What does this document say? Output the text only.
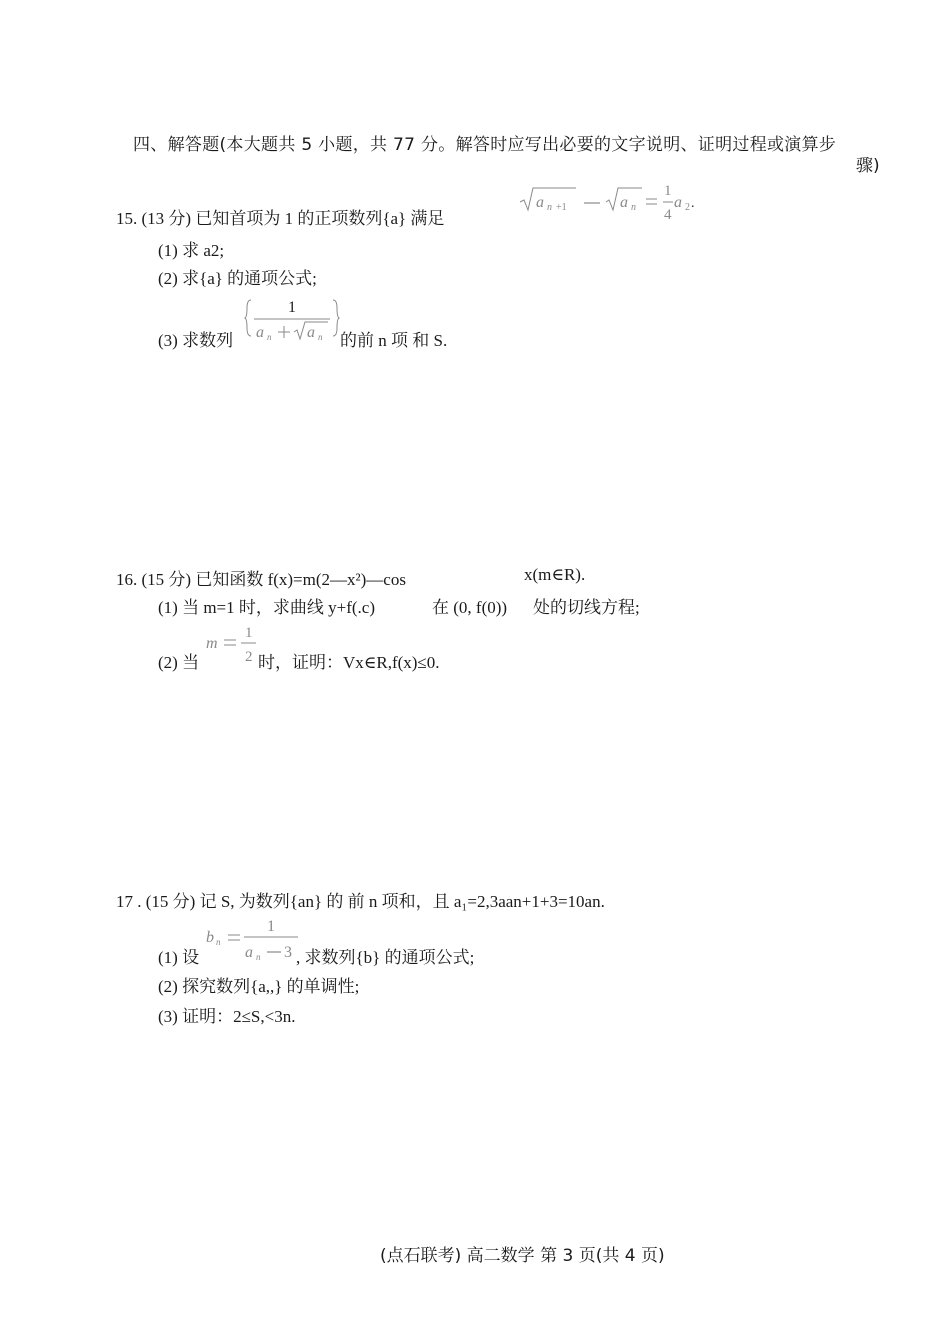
四、解答题(本大题共 5 小题，共 77 分。解答时应写出必要的文字说明、证明过程或演算步
骤)
15. (13 分) 已知首项为 1 的正项数列{a} 满足
a n +1	a n a 2 .
1
4
(1) 求 a2;
(2) 求{a} 的通项公式;
(3) 求数列 a n a n
1
的前 n 项 和 S.
16. (15 分) 已知函数 f(x)=m(2—x²)—cos	x(m∈R).
(1) 当 m=1 时，求曲线 y+f(.c)	在 (0, f(0)) 处的切线方程;
(2) 当
m
1
2 时，证明：Vx∈R,f(x)≤0.
17 . (15 分) 记 S, 为数列{an} 的 前 n 项和，且 a₁=2,3aan+1+3=10an.
(1) 设
b n
a n 3
1
, 求数列{b} 的通项公式;
(2) 探究数列{a,,} 的单调性;
(3) 证明：2≤S,<3n.
(点石联考) 高二数学 第 3 页(共 4 页)
